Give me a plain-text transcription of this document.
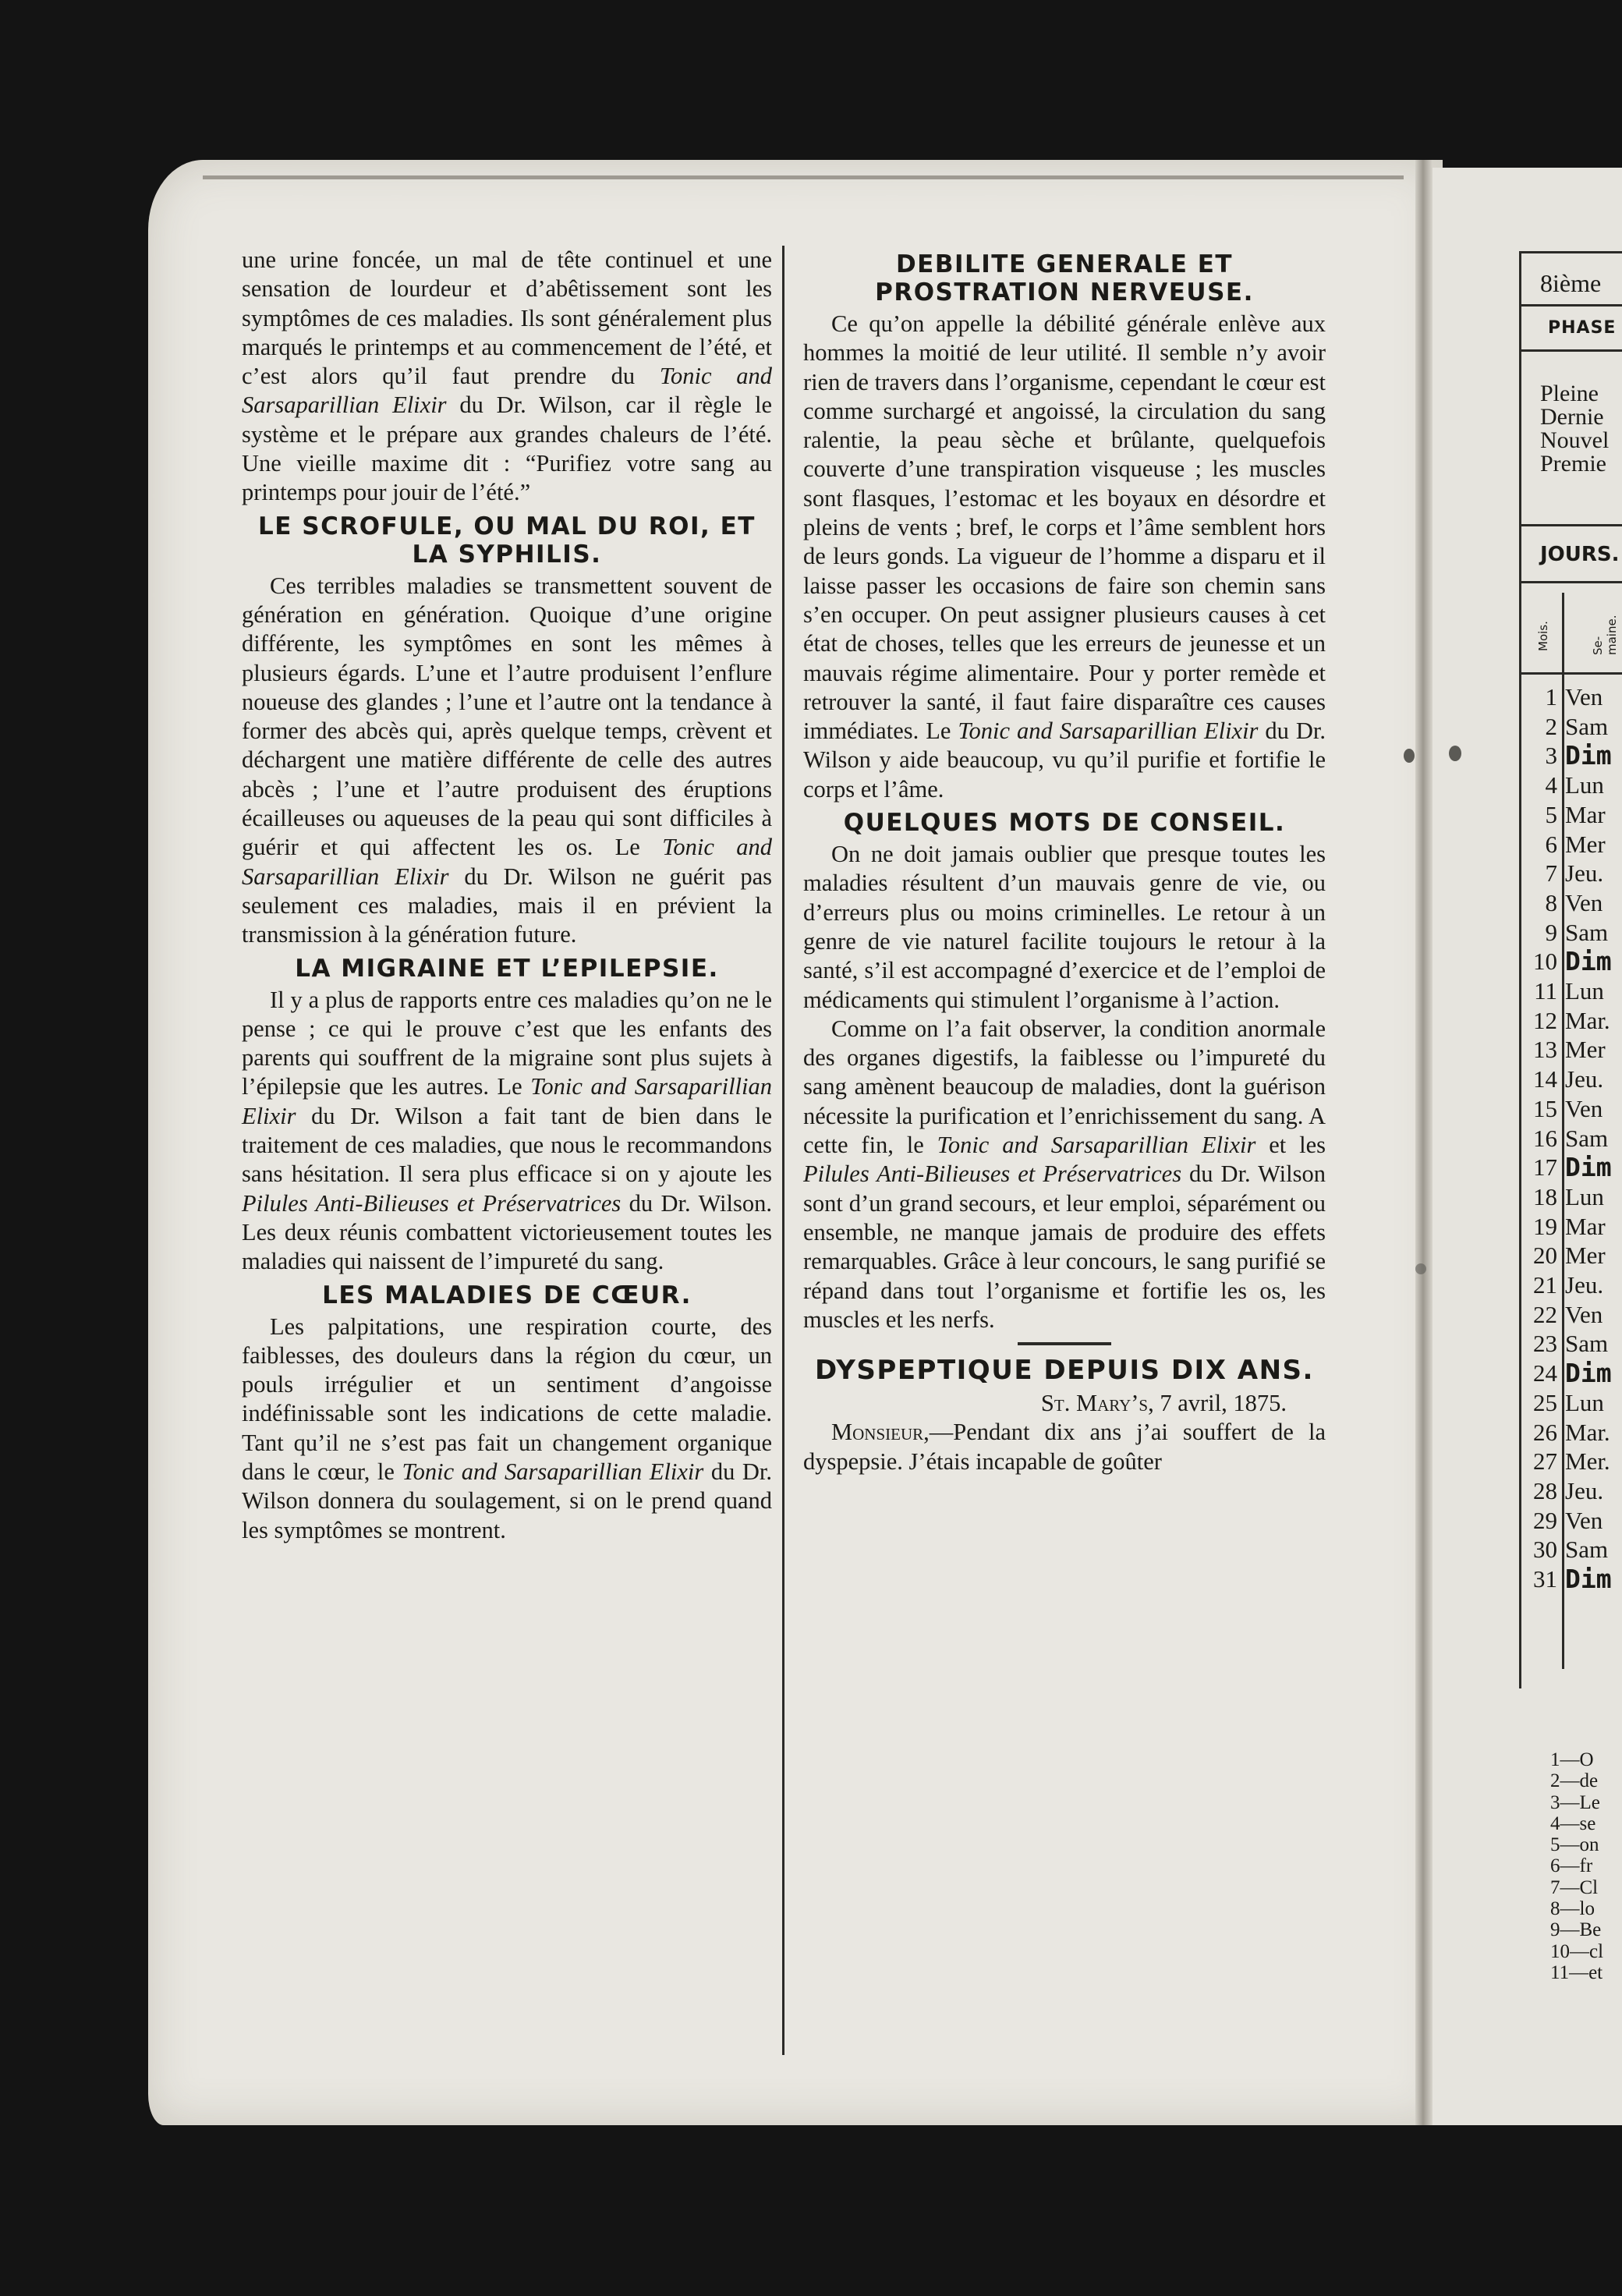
une urine foncée, un mal de tête continuel et une sensation de lourdeur et d’abêtissement sont les symptômes de ces maladies. Ils sont généralement plus marqués le printemps et au commencement de l’été, et c’est alors qu’il faut prendre du Tonic and Sarsaparillian Elixir du Dr. Wilson, car il règle le système et le prépare aux grandes chaleurs de l’été. Une vieille maxime dit : “Purifiez votre sang au printemps pour jouir de l’été.”

LE SCROFULE, OU MAL DU ROI, ET LA SYPHILIS.

Ces terribles maladies se transmettent souvent de génération en génération. Quoique d’une origine différente, les symptômes en sont les mêmes à plusieurs égards. L’une et l’autre produisent l’enflure noueuse des glandes ; l’une et l’autre ont la tendance à former des abcès qui, après quelque temps, crèvent et déchargent une matière différente de celle des autres abcès ; l’une et l’autre produisent des éruptions écailleuses ou aqueuses de la peau qui sont difficiles à guérir et qui affectent les os. Le Tonic and Sarsaparillian Elixir du Dr. Wilson ne guérit pas seulement ces maladies, mais il en prévient la transmission à la génération future.

LA MIGRAINE ET L’EPILEPSIE.

Il y a plus de rapports entre ces maladies qu’on ne le pense ; ce qui le prouve c’est que les enfants des parents qui souffrent de la migraine sont plus sujets à l’épilepsie que les autres. Le Tonic and Sarsaparillian Elixir du Dr. Wilson a fait tant de bien dans le traitement de ces maladies, que nous le recommandons sans hésitation. Il sera plus efficace si on y ajoute les Pilules Anti-Bilieuses et Préservatrices du Dr. Wilson. Les deux réunis combattent victorieusement toutes les maladies qui naissent de l’impureté du sang.

LES MALADIES DE CŒUR.

Les palpitations, une respiration courte, des faiblesses, des douleurs dans la région du cœur, un pouls irrégulier et un sentiment d’angoisse indéfinissable sont les indications de cette maladie. Tant qu’il ne s’est pas fait un changement organique dans le cœur, le Tonic and Sarsaparillian Elixir du Dr. Wilson donnera du soulagement, si on le prend quand les symptômes se montrent.

DEBILITE GENERALE ET PROSTRATION NERVEUSE.

Ce qu’on appelle la débilité générale enlève aux hommes la moitié de leur utilité. Il semble n’y avoir rien de travers dans l’organisme, cependant le cœur est comme surchargé et angoissé, la circulation du sang ralentie, la peau sèche et brûlante, quelquefois couverte d’une transpiration visqueuse ; les muscles sont flasques, l’estomac et les boyaux en désordre et pleins de vents ; bref, le corps et l’âme semblent hors de leurs gonds. La vigueur de l’homme a disparu et il laisse passer les occasions de faire son chemin sans s’en occuper. On peut assigner plusieurs causes à cet état de choses, telles que les erreurs de jeunesse et un mauvais régime alimentaire. Pour y porter remède et retrouver la santé, il faut faire disparaître ces causes immédiates. Le Tonic and Sarsaparillian Elixir du Dr. Wilson y aide beaucoup, vu qu’il purifie et fortifie le corps et l’âme.

QUELQUES MOTS DE CONSEIL.

On ne doit jamais oublier que presque toutes les maladies résultent d’un mauvais genre de vie, ou d’erreurs plus ou moins criminelles. Le retour à un genre de vie naturel facilite toujours le retour à la santé, s’il est accompagné d’exercice et de l’emploi de médicaments qui stimulent l’organisme à l’action.

Comme on l’a fait observer, la condition anormale des organes digestifs, la faiblesse ou l’impureté du sang amènent beaucoup de maladies, dont la guérison nécessite la purification et l’enrichissement du sang. A cette fin, le Tonic and Sarsaparillian Elixir et les Pilules Anti-Bilieuses et Préservatrices du Dr. Wilson sont d’un grand secours, et leur emploi, séparément ou ensemble, ne manque jamais de produire des effets remarquables. Grâce à leur concours, le sang purifié se répand dans tout l’organisme et fortifie les os, les muscles et les nerfs.

DYSPEPTIQUE DEPUIS DIX ANS.

St. Mary’s, 7 avril, 1875.

Monsieur,—Pendant dix ans j’ai souffert de la dyspepsie. J’étais incapable de goûter

8ième
PHASE
Pleine
Dernie
Nouvel
Premie
JOURS.
Mois.	Se-maine.
1 Ven
2 Sam
3 Dim
4 Lun
5 Mar
6 Mer
7 Jeu.
8 Ven
9 Sam
10 Dim
11 Lun
12 Mar.
13 Mer
14 Jeu.
15 Ven
16 Sam
17 Dim
18 Lun
19 Mar
20 Mer
21 Jeu.
22 Ven
23 Sam
24 Dim
25 Lun
26 Mar.
27 Mer.
28 Jeu.
29 Ven
30 Sam
31 Dim
1—O
2—de
3—Le
4—se
5—on
6—fr
7—Cl
8—lo
9—Be
10—cl
11—et
